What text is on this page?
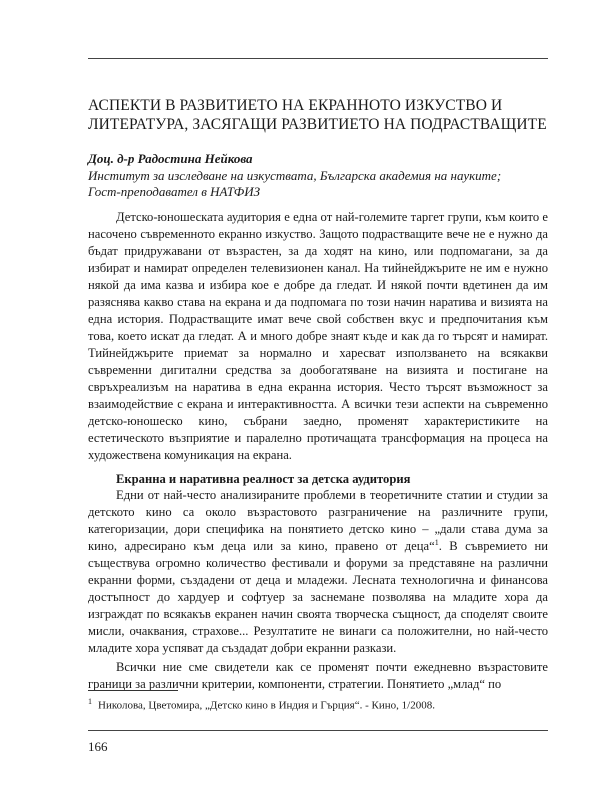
АСПЕКТИ В РАЗВИТИЕТО НА ЕКРАННОТО ИЗКУСТВО И ЛИТЕРАТУРА, ЗАСЯГАЩИ РАЗВИТИЕТО НА ПОДРАСТВАЩИТЕ
Доц. д-р Радостина Нейкова
Институт за изследване на изкуствата, Българска академия на науките;
Гост-преподавател в НАТФИЗ

Детско-юношеската аудитория е една от най-големите таргет групи, към които е насочено съвременното екранно изкуство. Защото подрастващите вече не е нужно да бъдат придружавани от възрастен, за да ходят на кино, или подпомагани, за да избират и намират определен телевизионен канал. На тийнейджърите не им е нужно някой да има казва и избира кое е добре да гледат. И някой почти вдетинен да им разяснява какво става на екрана и да подпомага по този начин наратива и визията на една история. Подрастващите имат вече свой собствен вкус и предпочитания към това, което искат да гледат. А и много добре знаят къде и как да го търсят и намират. Тийнейджърите приемат за нормално и харесват използването на всякакви съвременни дигитални средства за дообогатяване на визията и постигане на свръхреализъм на наратива в една екранна история. Често търсят възможност за взаимодействие с екрана и интерактивността. А всички тези аспекти на съвременно детско-юношеско кино, събрани заедно, променят характеристиките на естетическото възприятие и паралелно протичащата трансформация на процеса на художествена комуникация на екрана.

Екранна и наративна реалност за детска аудитория

Едни от най-често анализираните проблеми в теоретичните статии и студии за детското кино са около възрастовото разграничение на различните групи, категоризации, дори специфика на понятието детско кино – „дали става дума за кино, адресирано към деца или за кино, правено от деца“$^1$. В съвремието ни съществува огромно количество фестивали и форуми за представяне на различни екранни форми, създадени от деца и младежи. Лесната технологична и финансова достъпност до хардуер и софтуер за заснемане позволява на младите хора да изграждат по всякакъв екранен начин своята творческа същност, да споделят своите мисли, очаквания, страхове... Резултатите не винаги са положителни, но най-често младите хора успяват да създадат добри екранни разкази.

Всички ние сме свидетели как се променят почти ежедневно възрастовите граници за различни критерии, компоненти, стратегии. Понятието „млад“ по

$^1$ Николова, Цветомира, „Детско кино в Индия и Гърция“. - Кино, 1/2008.
166
